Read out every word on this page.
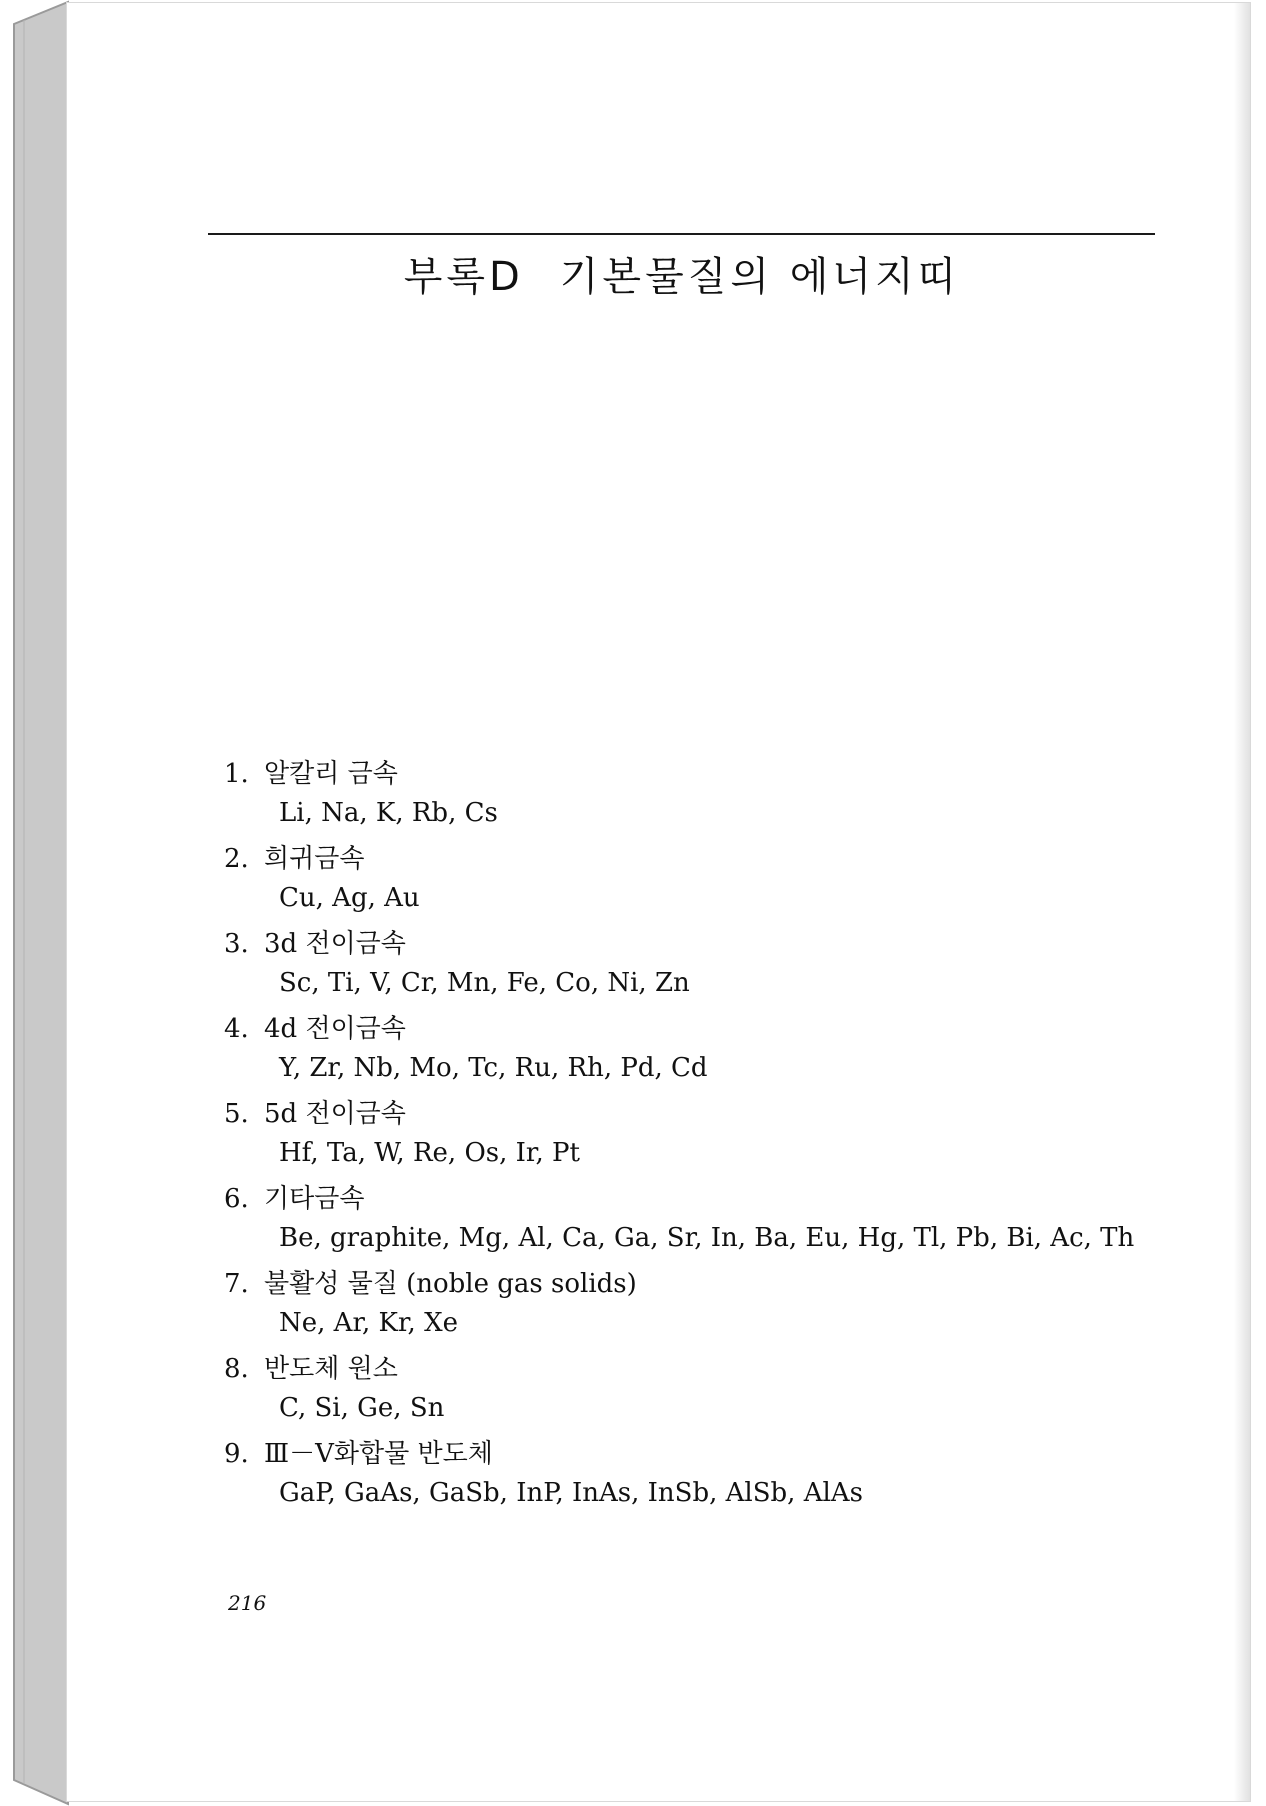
부록D 기본물질의 에너지띠
1. 알칼리 금속
Li, Na, K, Rb, Cs
2. 희귀금속
Cu, Ag, Au
3. 3d 전이금속
Sc, Ti, V, Cr, Mn, Fe, Co, Ni, Zn
4. 4d 전이금속
Y, Zr, Nb, Mo, Tc, Ru, Rh, Pd, Cd
5. 5d 전이금속
Hf, Ta, W, Re, Os, Ir, Pt
6. 기타금속
Be, graphite, Mg, Al, Ca, Ga, Sr, In, Ba, Eu, Hg, Tl, Pb, Bi, Ac, Th
7. 불활성 물질 (noble gas solids)
Ne, Ar, Kr, Xe
8. 반도체 원소
C, Si, Ge, Sn
9. Ⅲ－Ⅴ화합물 반도체
GaP, GaAs, GaSb, InP, InAs, InSb, AlSb, AlAs
216
